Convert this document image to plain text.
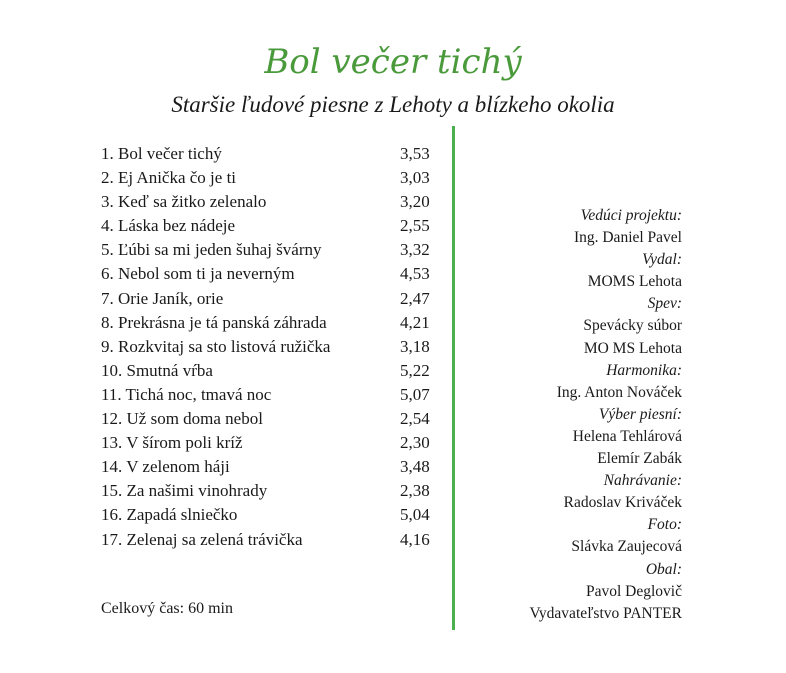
Bol večer tichý
Staršie ľudové piesne z Lehoty a blízkeho okolia
1. Bol večer tichý	3,53
2. Ej Anička čo je ti	3,03
3. Keď sa žitko zelenalo	3,20
4. Láska bez nádeje	2,55
5. Ľúbi sa mi jeden šuhaj švárny	3,32
6. Nebol som ti ja neverným	4,53
7. Orie Janík, orie	2,47
8. Prekrásna je tá panská záhrada	4,21
9. Rozkvitaj sa sto listová ružička	3,18
10. Smutná vŕba	5,22
11. Tichá noc, tmavá noc	5,07
12. Už som doma nebol	2,54
13. V šírom poli kríž	2,30
14. V zelenom háji	3,48
15. Za našimi vinohrady	2,38
16. Zapadá slniečko	5,04
17. Zelenaj sa zelená trávička	4,16
Celkový čas: 60 min
Vedúci projektu:
Ing. Daniel Pavel
Vydal:
MOMS Lehota
Spev:
Spevácky súbor
MO MS Lehota
Harmonika:
Ing. Anton Nováček
Výber piesní:
Helena Tehlárová
Elemír Zabák
Nahrávanie:
Radoslav Kriváček
Foto:
Slávka Zaujecová
Obal:
Pavol Deglovič
Vydavateľstvo PANTER
